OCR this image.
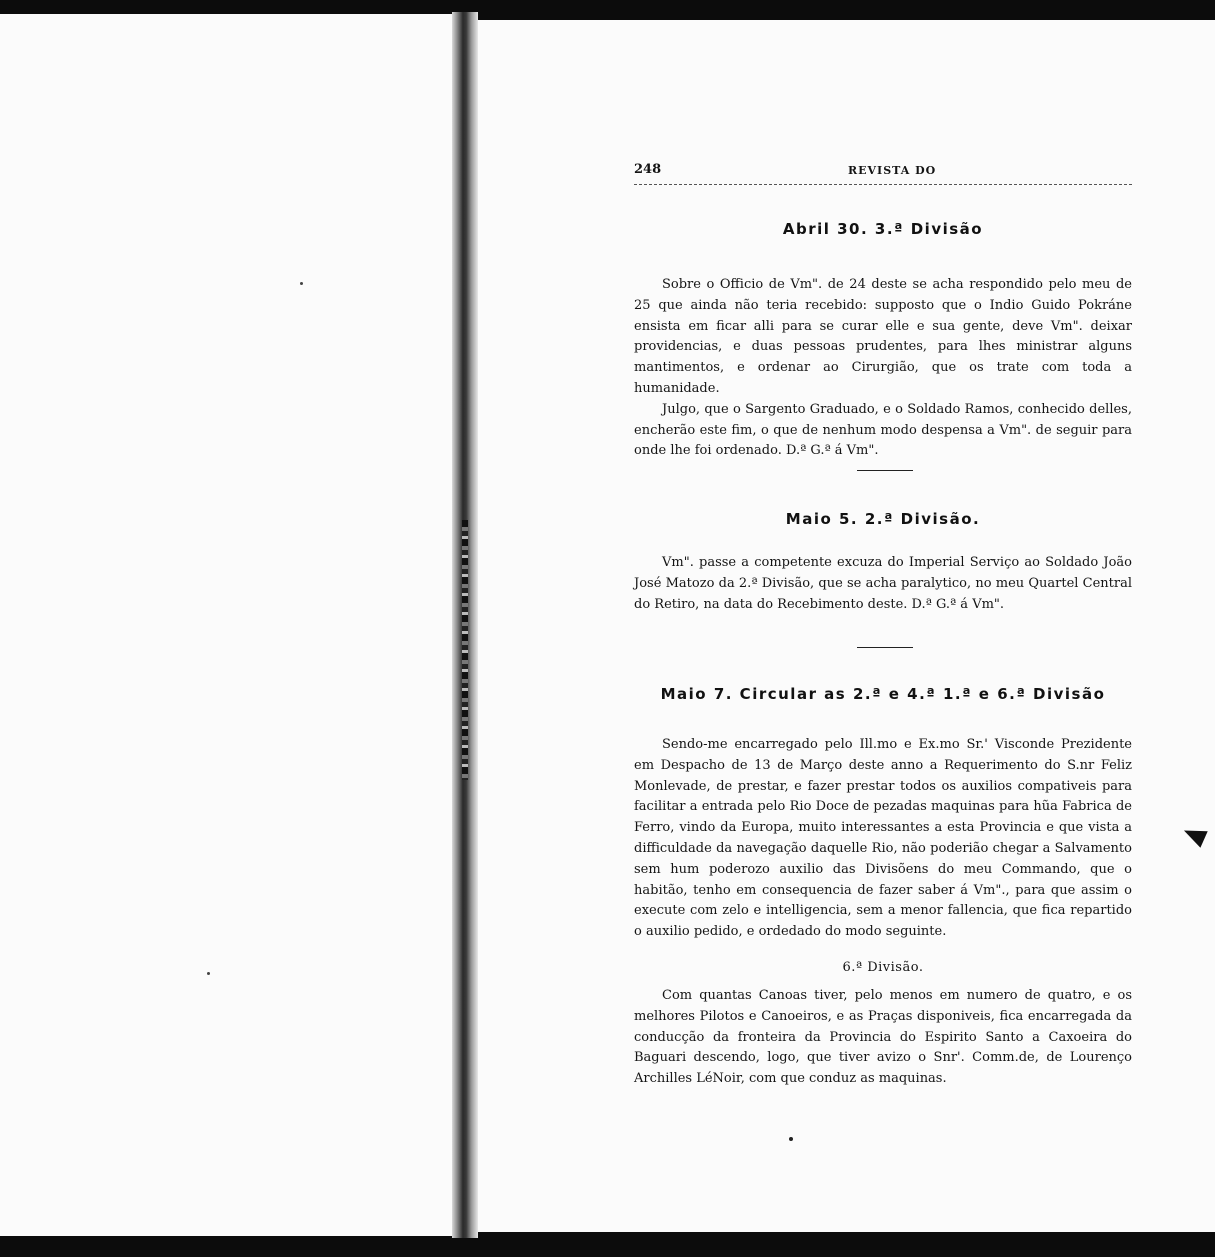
248	REVISTA DO
Abril 30. 3.ª Divisão

Sobre o Officio de Vm". de 24 deste se acha respondido pelo meu de 25 que ainda não teria recebido: supposto que o Indio Guido Pokráne ensista em ficar alli para se curar elle e sua gente, deve Vm". deixar providencias, e duas pessoas prudentes, para lhes ministrar alguns mantimentos, e ordenar ao Cirurgião, que os trate com toda a humanidade.

Julgo, que o Sargento Graduado, e o Soldado Ramos, conhecido delles, encherão este fim, o que de nenhum modo despensa a Vm". de seguir para onde lhe foi ordenado. D.ª G.ª á Vm".

Maio 5. 2.ª Divisão.

Vm". passe a competente excuza do Imperial Serviço ao Soldado João José Matozo da 2.ª Divisão, que se acha paralytico, no meu Quartel Central do Retiro, na data do Recebimento deste. D.ª G.ª á Vm".

Maio 7. Circular as 2.ª e 4.ª 1.ª e 6.ª Divisão

Sendo-me encarregado pelo Ill.mo e Ex.mo Sr.' Visconde Prezidente em Despacho de 13 de Março deste anno a Requerimento do S.nr Feliz Monlevade, de prestar, e fazer prestar todos os auxilios compativeis para facilitar a entrada pelo Rio Doce de pezadas maquinas para hũa Fabrica de Ferro, vindo da Europa, muito interessantes a esta Provincia e que vista a difficuldade da navegação daquelle Rio, não poderião chegar a Salvamento sem hum poderozo auxilio das Divisõens do meu Commando, que o habitão, tenho em consequencia de fazer saber á Vm"., para que assim o execute com zelo e intelligencia, sem a menor fallencia, que fica repartido o auxilio pedido, e ordedado do modo seguinte.

6.ª Divisão.

Com quantas Canoas tiver, pelo menos em numero de quatro, e os melhores Pilotos e Canoeiros, e as Praças disponiveis, fica encarregada da conducção da fronteira da Provincia do Espirito Santo a Caxoeira do Baguari descendo, logo, que tiver avizo o Snr'. Comm.de, de Lourenço Archilles LéNoir, com que conduz as maquinas.
